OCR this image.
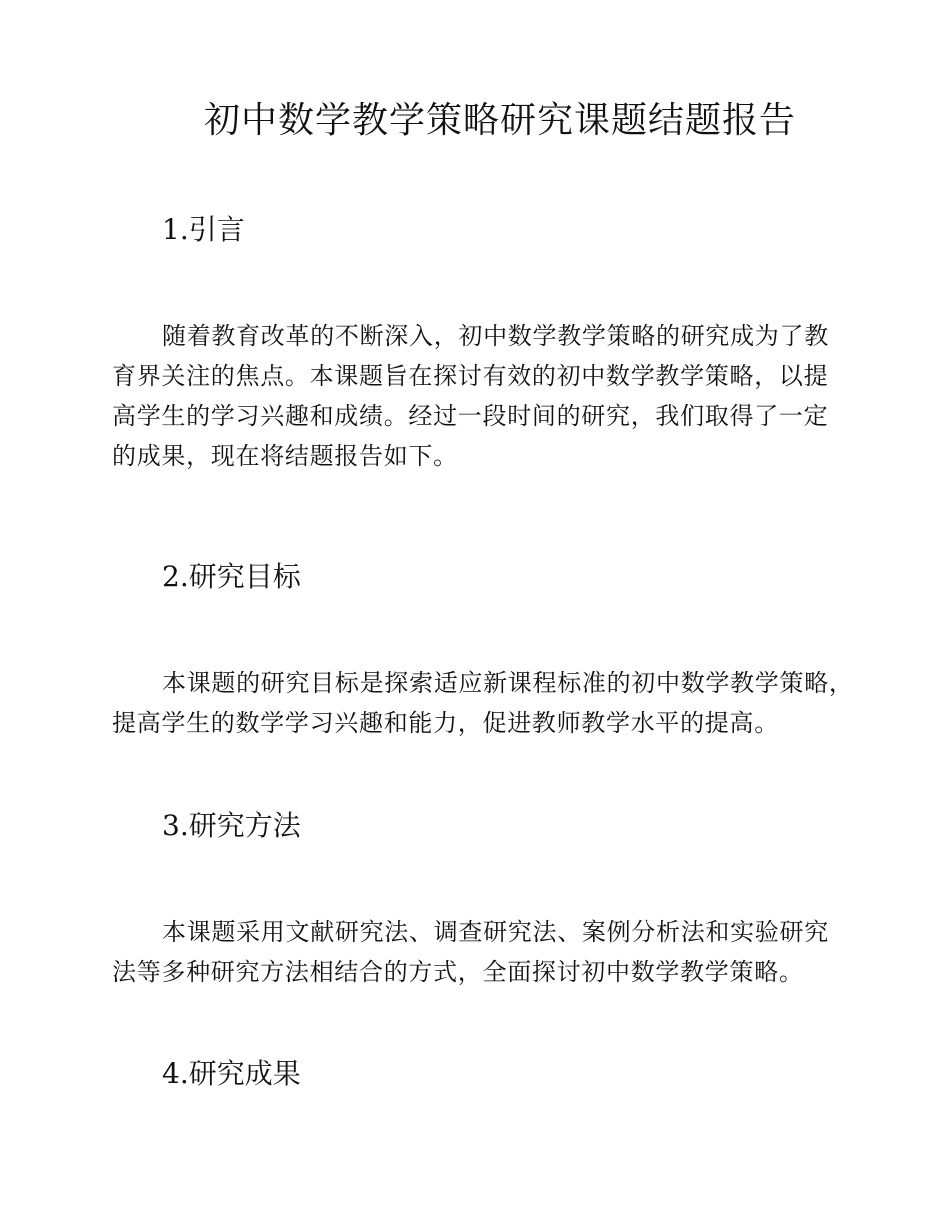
初中数学教学策略研究课题结题报告
1.引言

随着教育改革的不断深入，初中数学教学策略的研究成为了教
育界关注的焦点。本课题旨在探讨有效的初中数学教学策略，以提
高学生的学习兴趣和成绩。经过一段时间的研究，我们取得了一定
的成果，现在将结题报告如下。

2.研究目标

本课题的研究目标是探索适应新课程标准的初中数学教学策略，
提高学生的数学学习兴趣和能力，促进教师教学水平的提高。

3.研究方法

本课题采用文献研究法、调查研究法、案例分析法和实验研究
法等多种研究方法相结合的方式，全面探讨初中数学教学策略。

4.研究成果
